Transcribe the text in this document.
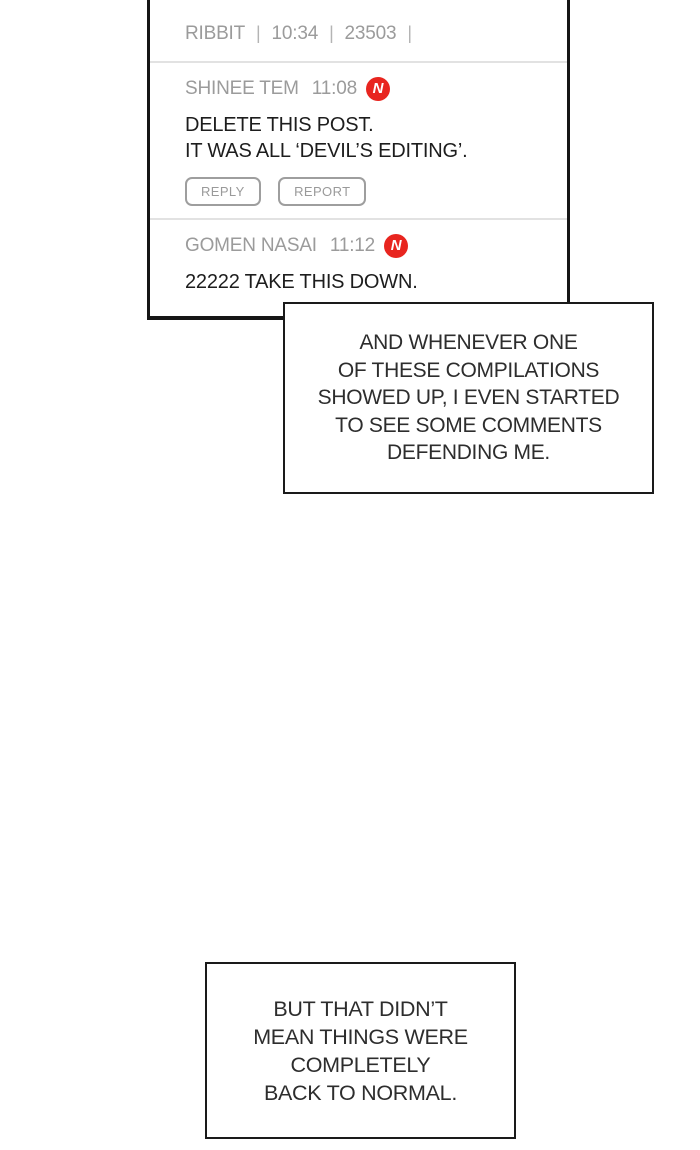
RIBBIT | 10:34 | 23503 |
SHINEE TEM 11:08	N
DELETE THIS POST.
IT WAS ALL ‘DEVIL’S EDITING’.
REPLY	REPORT
GOMEN NASAI 11:12	N
22222 TAKE THIS DOWN.
AND WHENEVER ONE
OF THESE COMPILATIONS
SHOWED UP, I EVEN STARTED
TO SEE SOME COMMENTS
DEFENDING ME.
BUT THAT DIDN’T
MEAN THINGS WERE
COMPLETELY
BACK TO NORMAL.
